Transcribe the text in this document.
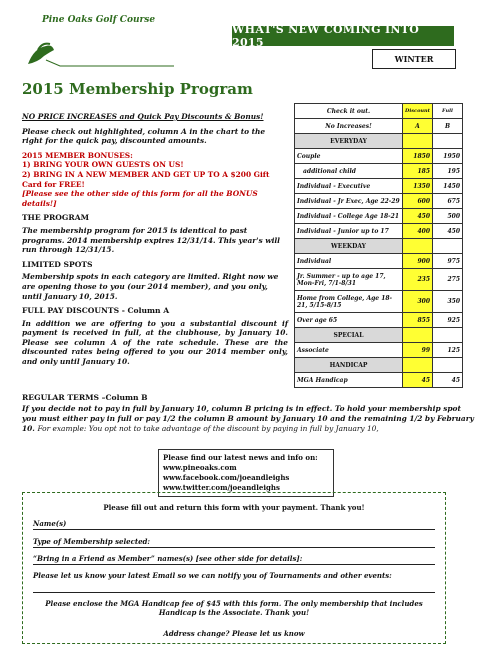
WHAT'S NEW COMING INTO 2015
WINTER
Pine Oaks Golf Course
2015 Membership Program

NO PRICE INCREASES and Quick Pay Discounts & Bonus!

Please check out highlighted, column A in the chart to the right for the quick pay, discounted amounts.

2015 MEMBER BONUSES:
1) BRING YOUR OWN GUESTS ON US!
2) BRING IN A NEW MEMBER AND GET UP TO A $200 Gift Card for FREE!

[Please see the other side of this form for all the BONUS details!]

THE PROGRAM

The membership program for 2015 is identical to past programs. 2014 membership expires 12/31/14. This year's will run through 12/31/15.

LIMITED SPOTS

Membership spots in each category are limited. Right now we are opening those to you (our 2014 member), and you only, until January 10, 2015.

FULL PAY DISCOUNTS - Column A

In addition we are offering to you a substantial discount if payment is received in full, at the clubhouse, by January 10. Please see column A of the rate schedule. These are the discounted rates being offered to you our 2014 member only, and only until January 10.

REGULAR TERMS –Column B
If you decide not to pay in full by January 10, column B pricing is in effect. To hold your membership spot you must either pay in full or pay 1/2 the column B amount by January 10 and the remaining 1/2 by February 10. For example: You opt not to take advantage of the discount by paying in full by January 10,
Check it out.	Discount	Full
No Increases!	A	B
EVERYDAY		
Couple	1850	1950
additional child	185	195
Individual - Executive	1350	1450
Individual - Jr Exec, Age 22-29	600	675
Individual - College Age 18-21	450	500
Individual - Junior up to 17	400	450
WEEKDAY		
Individual	900	975
Jr. Summer - up to age 17, Mon-Fri, 7/1-8/31	235	275
Home from College, Age 18-21, 5/15-8/15	300	350
Over age 65	855	925
SPECIAL		
Associate	99	125
HANDICAP		
MGA Handicap	45	45
Please find our latest news and info on:
www.pineoaks.com
www.facebook.com/joeandleighs
www.twitter.com/joeandleighs
Please fill out and return this form with your payment. Thank you!
Name(s)
Type of Membership selected:
“Bring in a Friend as Member” names(s) [see other side for details]:
Please let us know your latest Email so we can notify you of Tournaments and other events:
Please enclose the MGA Handicap fee of $45 with this form. The only membership that includes Handicap is the Associate. Thank you!
Address change? Please let us know
